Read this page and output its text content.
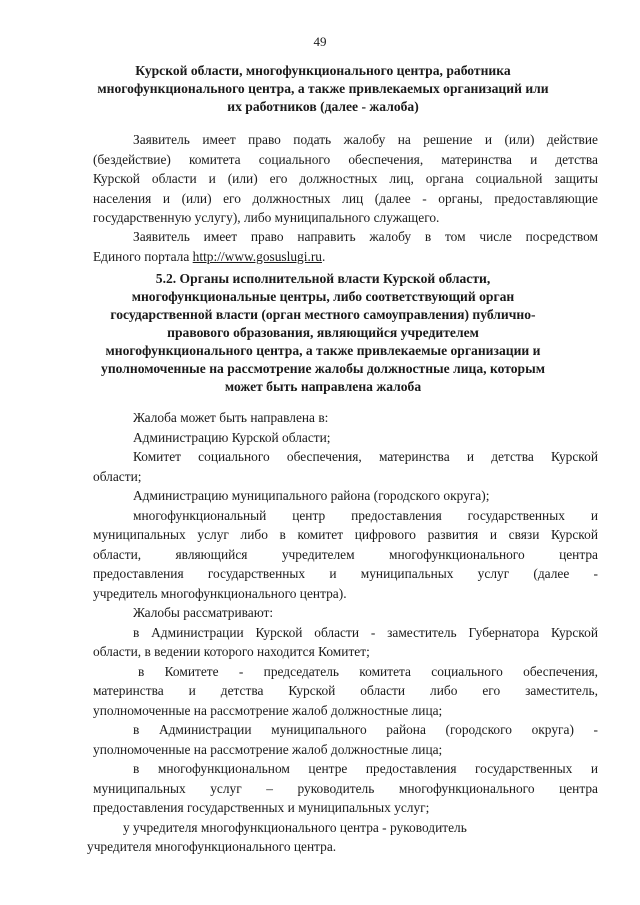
49
Курской области, многофункционального центра, работника
многофункционального центра, а также привлекаемых организаций или
их работников (далее - жалоба)
Заявитель имеет право подать жалобу на решение и (или) действие
(бездействие) комитета социального обеспечения, материнства и детства
Курской области и (или) его должностных лиц, органа социальной защиты
населения и (или) его должностных лиц (далее - органы, предоставляющие
государственную услугу), либо муниципального служащего.
Заявитель имеет право направить жалобу в том числе посредством
Единого портала http://www.gosuslugi.ru.
5.2. Органы исполнительной власти Курской области,
многофункциональные центры, либо соответствующий орган
государственной власти (орган местного самоуправления) публично-
правового образования, являющийся учредителем
многофункционального центра, а также привлекаемые организации и
уполномоченные на рассмотрение жалобы должностные лица, которым
может быть направлена жалоба
Жалоба может быть направлена в:
Администрацию Курской области;
Комитет социального обеспечения, материнства и детства Курской
области;
Администрацию муниципального района (городского округа);
многофункциональный центр предоставления государственных и
муниципальных услуг либо в комитет цифрового развития и связи Курской
области, являющийся учредителем многофункционального центра
предоставления государственных и муниципальных услуг (далее -
учредитель многофункционального центра).
Жалобы рассматривают:
в Администрации Курской области - заместитель Губернатора Курской
области, в ведении которого находится Комитет;
в Комитете - председатель комитета социального обеспечения,
материнства и детства Курской области либо его заместитель,
уполномоченные на рассмотрение жалоб должностные лица;
в Администрации муниципального района (городского округа) -
уполномоченные на рассмотрение жалоб должностные лица;
в многофункциональном центре предоставления государственных и
муниципальных услуг – руководитель многофункционального центра
предоставления государственных и муниципальных услуг;
у учредителя многофункционального центра - руководитель
учредителя многофункционального центра.
